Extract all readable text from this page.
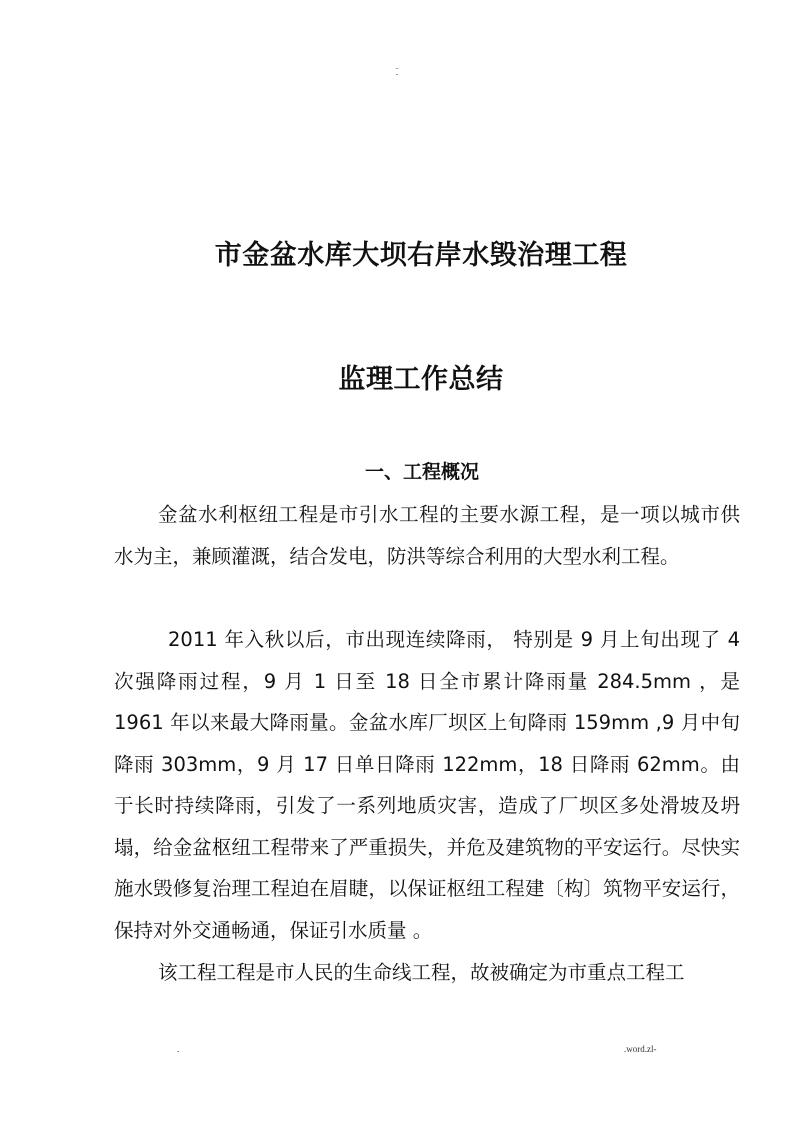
..
-
市金盆水库大坝右岸水毁治理工程
监理工作总结
一、工程概况

金盆水利枢纽工程是市引水工程的主要水源工程，是一项以城市供水为主，兼顾灌溉，结合发电，防洪等综合利用的大型水利工程。

2011 年入秋以后，市出现连续降雨， 特别是 9 月上旬出现了 4 次强降雨过程，9 月 1 日至 18 日全市累计降雨量 284.5mm ，是 1961 年以来最大降雨量。金盆水库厂坝区上旬降雨 159mm ,9 月中旬降雨 303mm，9 月 17 日单日降雨 122mm，18 日降雨 62mm。由于长时持续降雨，引发了一系列地质灾害，造成了厂坝区多处滑坡及坍塌，给金盆枢纽工程带来了严重损失，并危及建筑物的平安运行。尽快实施水毁修复治理工程迫在眉睫，以保证枢纽工程建〔构〕筑物平安运行，保持对外交通畅通，保证引水质量 。

该工程工程是市人民的生命线工程，故被确定为市重点工程工

.	.word.zl-
